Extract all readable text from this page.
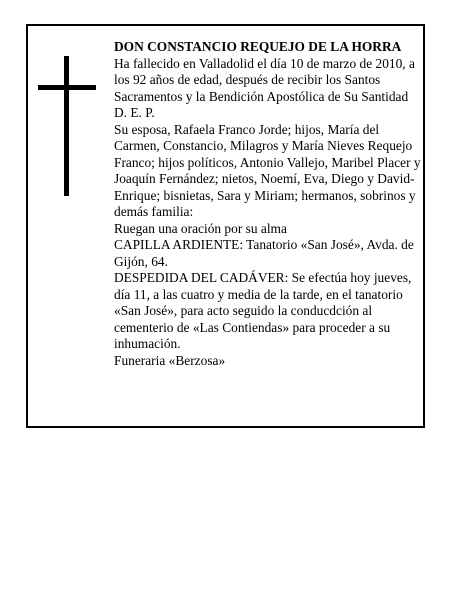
DON CONSTANCIO REQUEJO DE LA HORRA

Ha fallecido en Valladolid el día 10 de marzo de 2010, a los 92 años de edad, después de recibir los Santos Sacramentos y la Bendición Apostólica de Su Santidad

D. E. P.

Su esposa, Rafaela Franco Jorde; hijos, María del Carmen, Constancio, Milagros y María Nieves Requejo Franco; hijos políticos, Antonio Vallejo, Maribel Placer y Joaquín Fernández; nietos, Noemí, Eva, Diego y David-Enrique; bisnietas, Sara y Miriam; hermanos, sobrinos y demás familia:

Ruegan una oración por su alma

CAPILLA ARDIENTE: Tanatorio «San José», Avda. de Gijón, 64.

DESPEDIDA DEL CADÁVER: Se efectúa hoy jueves, día 11, a las cuatro y media de la tarde, en el tanatorio «San José», para acto seguido la conducdción al cementerio de «Las Contiendas» para proceder a su inhumación.

Funeraria «Berzosa»
